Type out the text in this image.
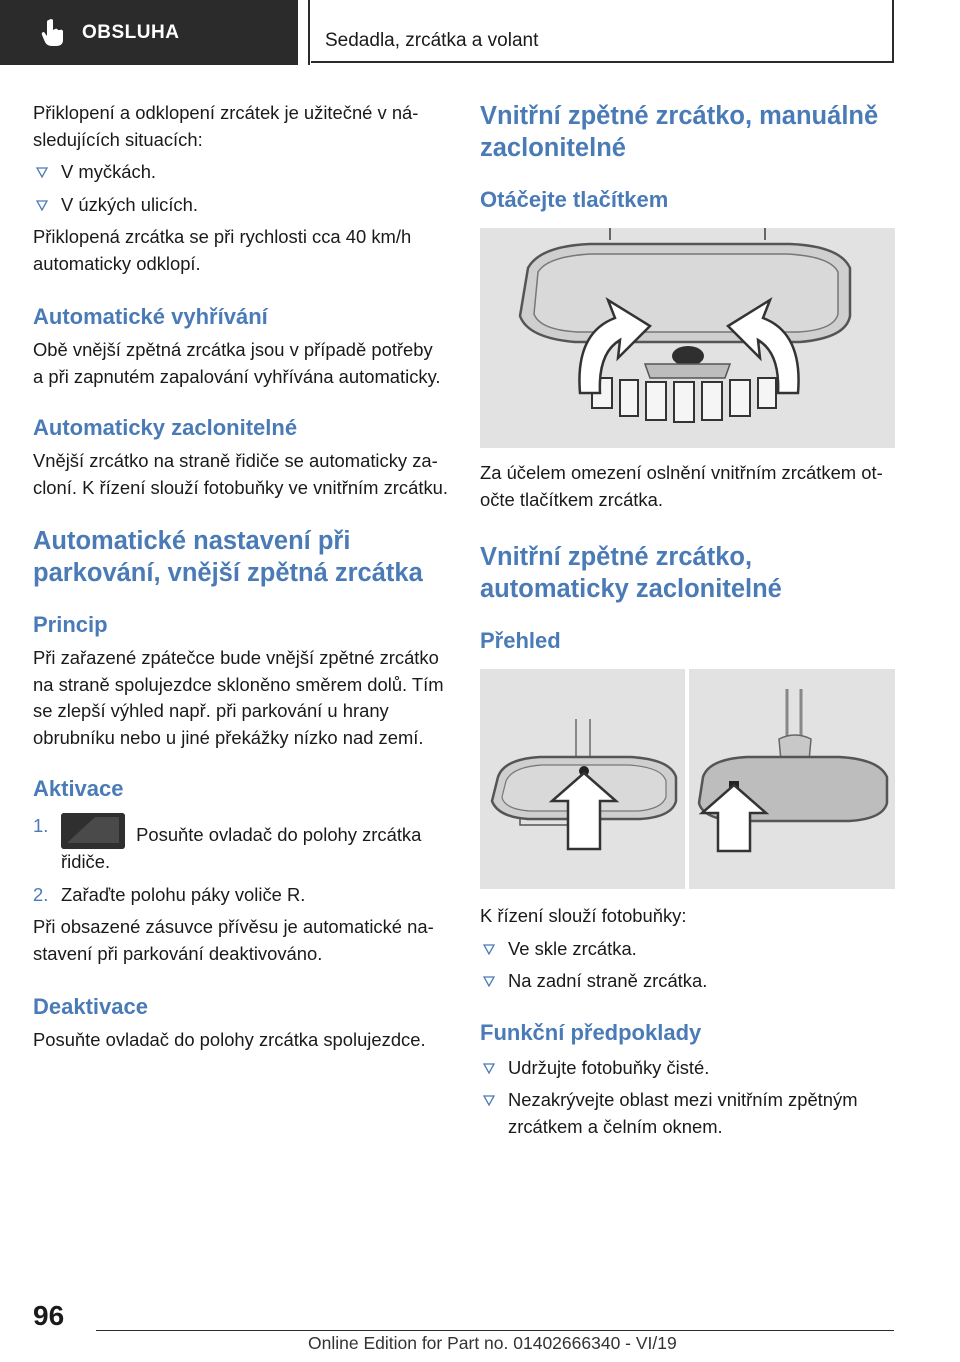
OBSLUHA	Sedadla, zrcátka a volant

Přiklopení a odklopení zrcátek je užitečné v ná-sledujících situacích:

V myčkách.
V úzkých ulicích.

Přiklopená zrcátka se při rychlosti cca 40 km/h automaticky odklopí.

Automatické vyhřívání

Obě vnější zpětná zrcátka jsou v případě potřeby a při zapnutém zapalování vyhřívána automaticky.

Automaticky zaclonitelné

Vnější zrcátko na straně řidiče se automaticky za-cloní. K řízení slouží fotobuňky ve vnitřním zrcátku.

Automatické nastavení při parkování, vnější zpětná zrcátka
Princip

Při zařazené zpátečce bude vnější zpětné zrcátko na straně spolujezdce skloněno směrem dolů. Tím se zlepší výhled např. při parkování u hrany obrubníku nebo u jiné překážky nízko nad zemí.

Aktivace
1.	Posuňte ovladač do polohy zrcátka řidiče.
2. Zařaďte polohu páky voliče R.

Při obsazené zásuvce přívěsu je automatické na-stavení při parkování deaktivováno.

Deaktivace

Posuňte ovladač do polohy zrcátka spolujezdce.

Vnitřní zpětné zrcátko, manuálně zaclonitelné
Otáčejte tlačítkem

Za účelem omezení oslnění vnitřním zrcátkem ot-očte tlačítkem zrcátka.

Vnitřní zpětné zrcátko, automaticky zaclonitelné
Přehled

K řízení slouží fotobuňky:

Ve skle zrcátka.
Na zadní straně zrcátka.
Funkční předpoklady
Udržujte fotobuňky čisté.
Nezakrývejte oblast mezi vnitřním zpětným zrcátkem a čelním oknem.
96
Online Edition for Part no. 01402666340 - VI/19
